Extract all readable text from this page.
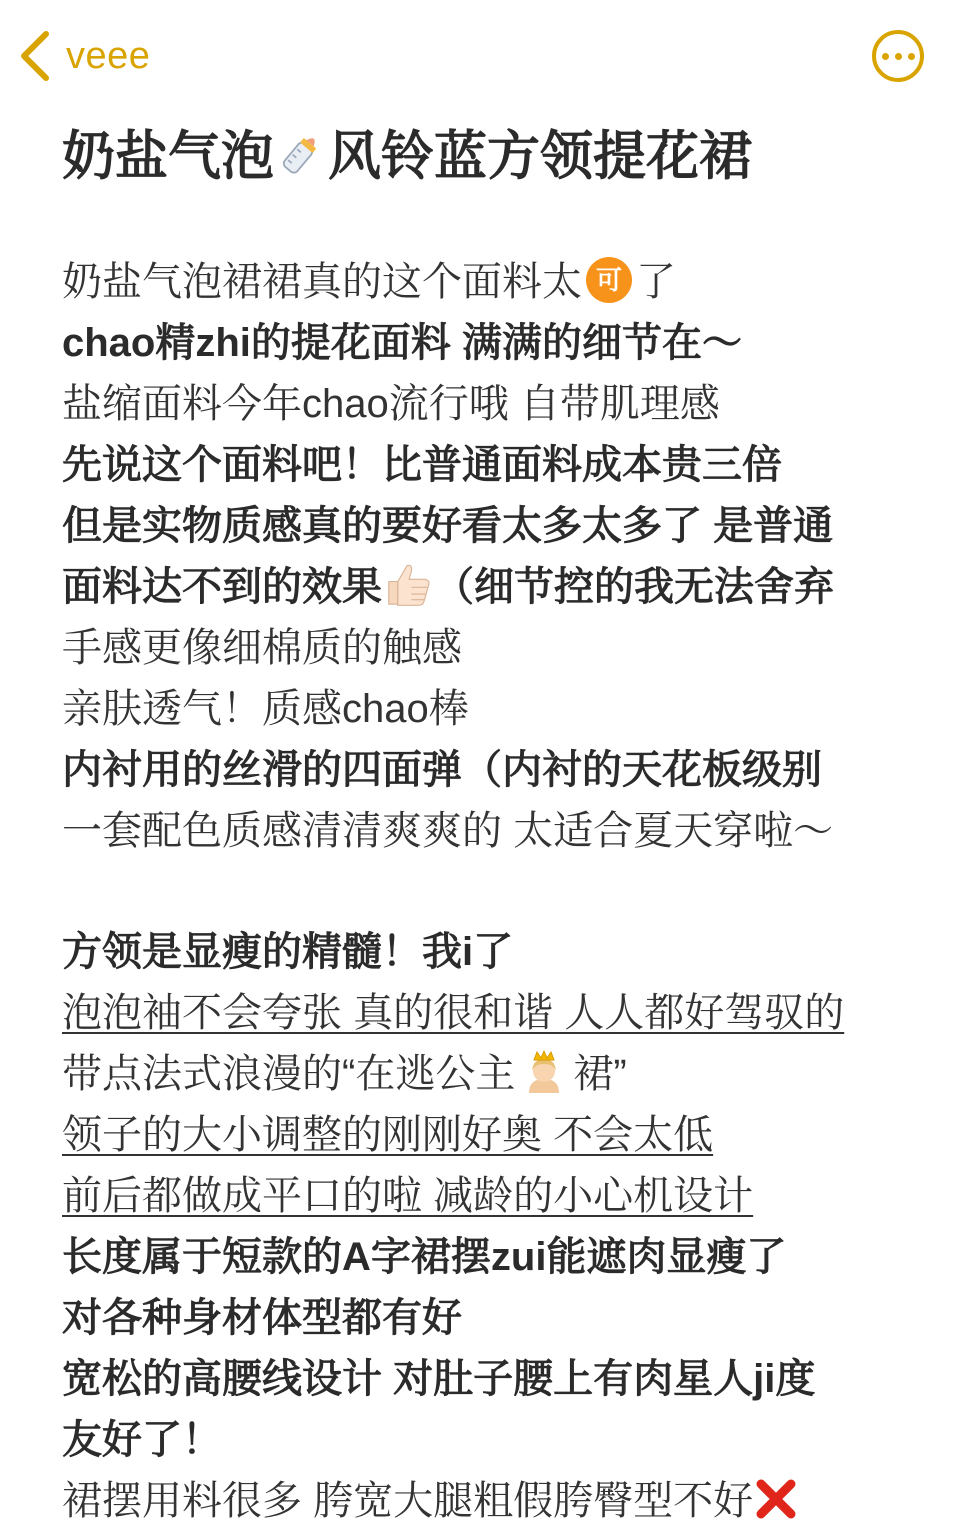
veee
奶盐气泡 风铃蓝方领提花裙
奶盐气泡裙裙真的这个面料太 可 了
chao精zhi的提花面料 满满的细节在～
盐缩面料今年chao流行哦 自带肌理感
先说这个面料吧！比普通面料成本贵三倍
但是实物质感真的要好看太多太多了 是普通
面料达不到的效果 （细节控的我无法舍弃
手感更像细棉质的触感
亲肤透气！质感chao棒
内衬用的丝滑的四面弹（内衬的天花板级别
一套配色质感清清爽爽的 太适合夏天穿啦～
方领是显瘦的精髓！我i了
泡泡袖不会夸张 真的很和谐 人人都好驾驭的
带点法式浪漫的“在逃公主 裙”
领子的大小调整的刚刚好奥 不会太低
前后都做成平口的啦 减龄的小心机设计
长度属于短款的A字裙摆zui能遮肉显瘦了
对各种身材体型都有好
宽松的高腰线设计 对肚子腰上有肉星人ji度
友好了！
裙摆用料很多 胯宽大腿粗假胯臀型不好
